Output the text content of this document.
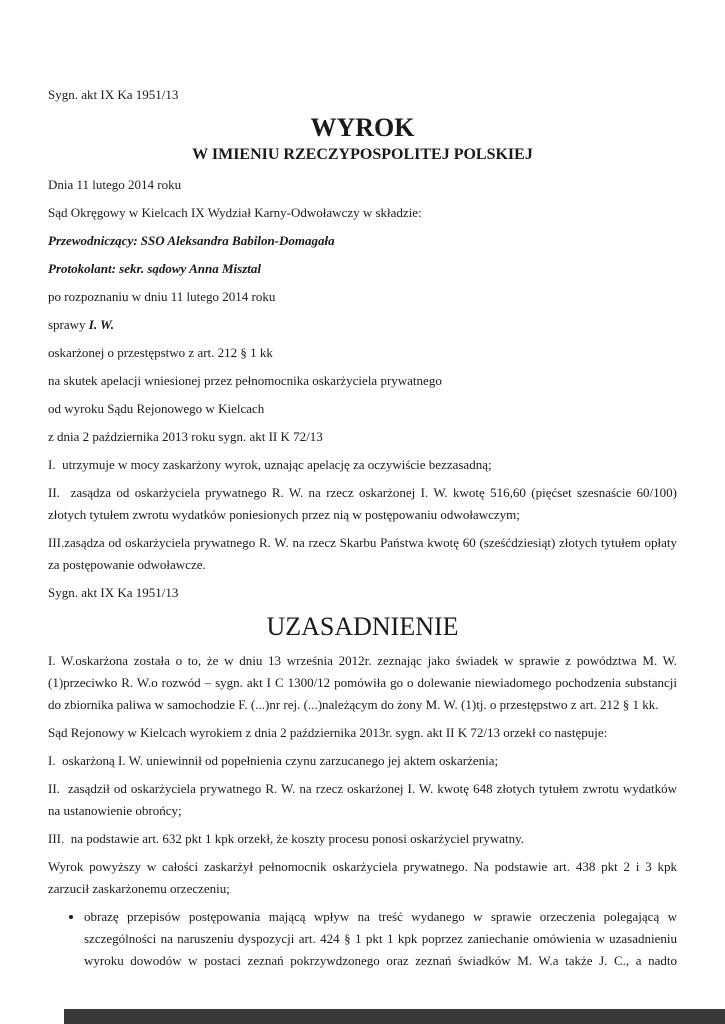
Sygn. akt IX Ka 1951/13
WYROK
W IMIENIU RZECZYPOSPOLITEJ POLSKIEJ
Dnia 11 lutego 2014 roku
Sąd Okręgowy w Kielcach IX Wydział Karny-Odwoławczy w składzie:
Przewodniczący: SSO Aleksandra Babilon-Domagała
Protokolant: sekr. sądowy Anna Misztal
po rozpoznaniu w dniu 11 lutego 2014 roku
sprawy I. W.
oskarżonej o przestępstwo z art. 212 § 1 kk
na skutek apelacji wniesionej przez pełnomocnika oskarżyciela prywatnego
od wyroku Sądu Rejonowego w Kielcach
z dnia 2 października 2013 roku sygn. akt II K 72/13
I.  utrzymuje w mocy zaskarżony wyrok, uznając apelację za oczywiście bezzasadną;
II.  zasądza od oskarżyciela prywatnego R. W. na rzecz oskarżonej I. W. kwotę 516,60 (pięćset szesnaście 60/100) złotych tytułem zwrotu wydatków poniesionych przez nią w postępowaniu odwoławczym;
III.zasądza od oskarżyciela prywatnego R. W. na rzecz Skarbu Państwa kwotę 60 (sześćdziesiąt) złotych tytułem opłaty za postępowanie odwoławcze.
Sygn. akt IX Ka 1951/13
UZASADNIENIE
I. W.oskarżona została o to, że w dniu 13 września 2012r. zeznając jako świadek w sprawie z powództwa M. W.(1)przeciwko R. W.o rozwód – sygn. akt I C 1300/12 pomówiła go o dolewanie niewiadomego pochodzenia substancji do zbiornika paliwa w samochodzie F. (...)nr rej. (...)należącym do żony M. W. (1)tj. o przestępstwo z art. 212 § 1 kk.
Sąd Rejonowy w Kielcach wyrokiem z dnia 2 października 2013r. sygn. akt II K 72/13 orzekł co następuje:
I.  oskarżoną I. W. uniewinnił od popełnienia czynu zarzucanego jej aktem oskarżenia;
II.  zasądził od oskarżyciela prywatnego R. W. na rzecz oskarżonej I. W. kwotę 648 złotych tytułem zwrotu wydatków na ustanowienie obrońcy;
III.  na podstawie art. 632 pkt 1 kpk orzekł, że koszty procesu ponosi oskarżyciel prywatny.
Wyrok powyższy w całości zaskarżył pełnomocnik oskarżyciela prywatnego. Na podstawie art. 438 pkt 2 i 3 kpk zarzucił zaskarżonemu orzeczeniu;
• obrazę przepisów postępowania mającą wpływ na treść wydanego w sprawie orzeczenia polegającą w szczególności na naruszeniu dyspozycji art. 424 § 1 pkt 1 kpk poprzez zaniechanie omówienia w uzasadnieniu wyroku dowodów w postaci zeznań pokrzywdzonego oraz zeznań świadków M. W.a także J. C., a nadto
